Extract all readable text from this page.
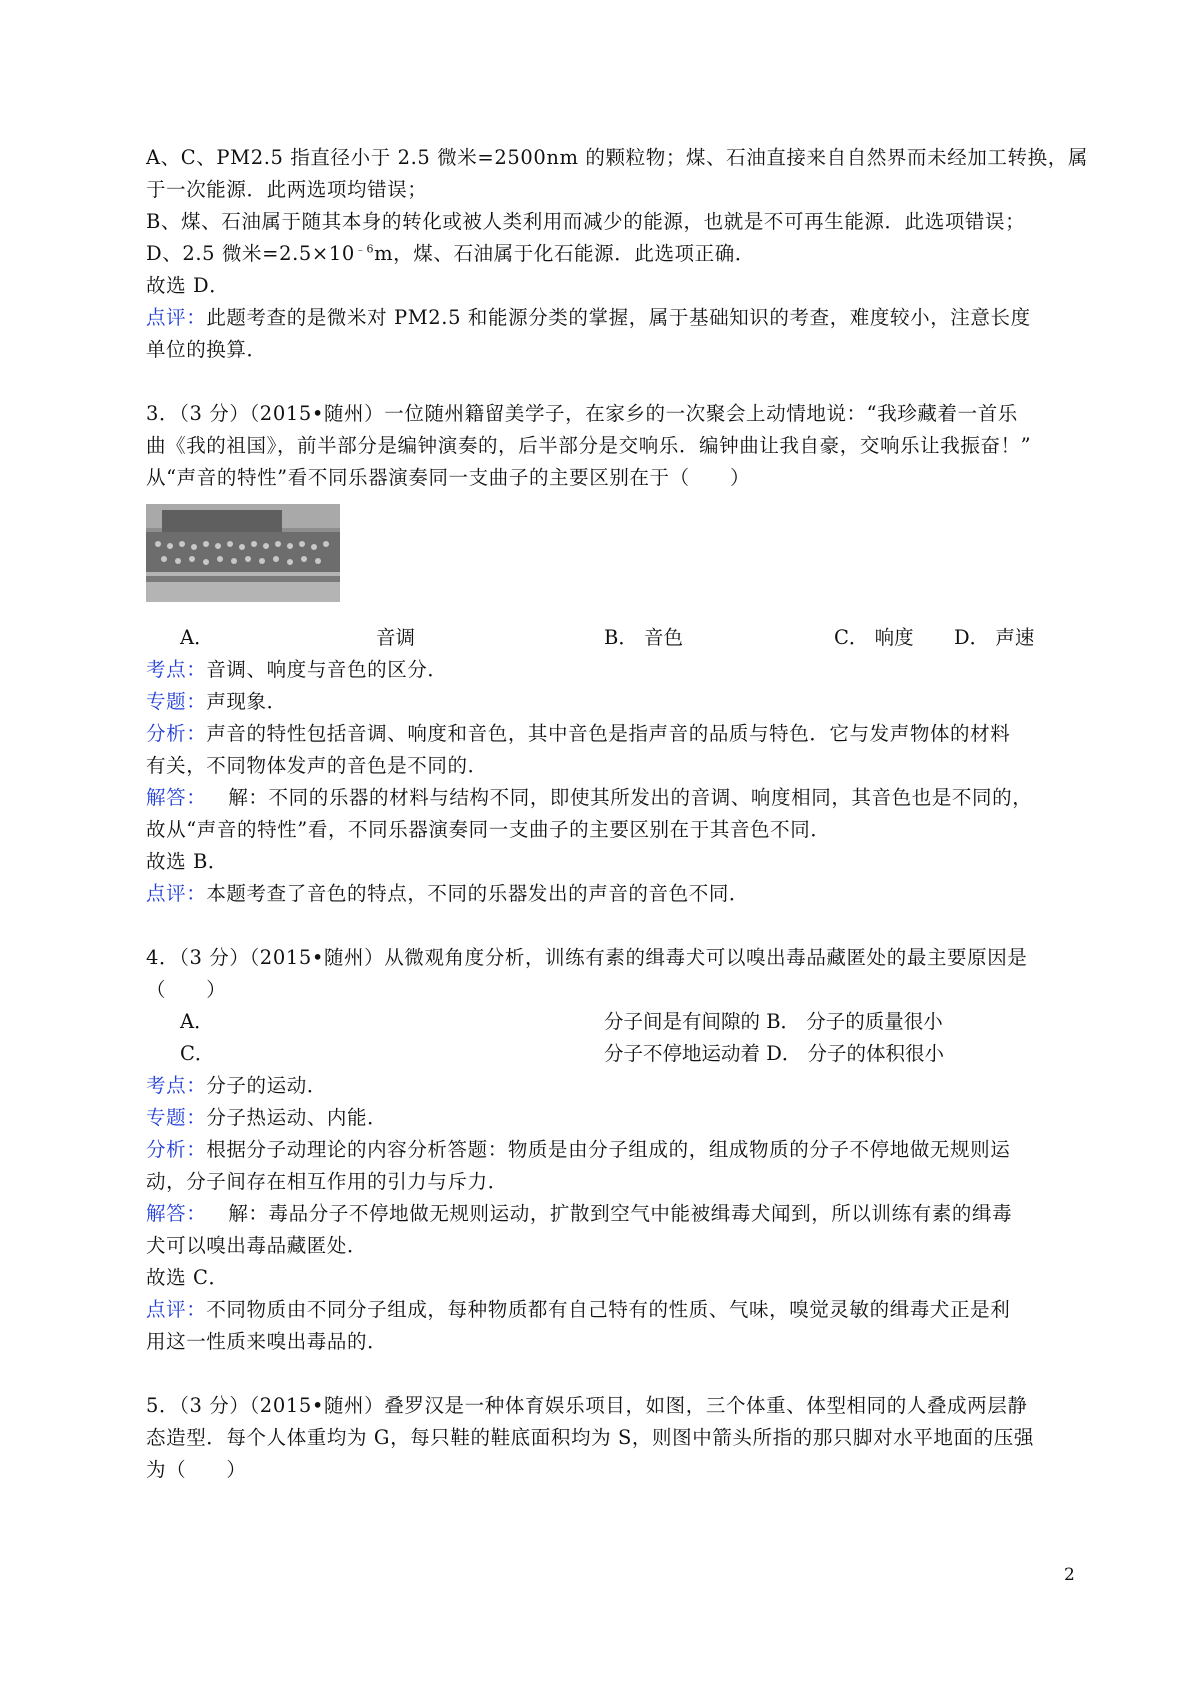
A、C、PM2.5 指直径小于 2.5 微米=2500nm 的颗粒物；煤、石油直接来自自然界而未经加工转换，属
于一次能源．此两选项均错误；
B、煤、石油属于随其本身的转化或被人类利用而减少的能源，也就是不可再生能源．此选项错误；
D、2.5 微米$=2.5\times 10^{﹣6}m$，煤、石油属于化石能源．此选项正确．
故选 D．
点评：此题考查的是微米对 PM2.5 和能源分类的掌握，属于基础知识的考查，难度较小，注意长度
单位的换算．
3．（3 分）（2015•随州）一位随州籍留美学子，在家乡的一次聚会上动情地说：“我珍藏着一首乐
曲《我的祖国》，前半部分是编钟演奏的，后半部分是交响乐．编钟曲让我自豪，交响乐让我振奋！”
从“声音的特性”看不同乐器演奏同一支曲子的主要区别在于（　　）
A．	音调	B． 音色	C． 响度 D． 声速
考点：音调、响度与音色的区分．
专题：声现象．
分析：声音的特性包括音调、响度和音色，其中音色是指声音的品质与特色．它与发声物体的材料
有关，不同物体发声的音色是不同的．
解答： 解：不同的乐器的材料与结构不同，即使其所发出的音调、响度相同，其音色也是不同的，
故从“声音的特性”看，不同乐器演奏同一支曲子的主要区别在于其音色不同．
故选 B．
点评：本题考查了音色的特点，不同的乐器发出的声音的音色不同．
4．（3 分）（2015•随州）从微观角度分析，训练有素的缉毒犬可以嗅出毒品藏匿处的最主要原因是
（　　）
A．	分子间是有间隙的 B． 分子的质量很小
C．	分子不停地运动着 D． 分子的体积很小
考点：分子的运动．
专题：分子热运动、内能．
分析：根据分子动理论的内容分析答题：物质是由分子组成的，组成物质的分子不停地做无规则运
动，分子间存在相互作用的引力与斥力．
解答： 解：毒品分子不停地做无规则运动，扩散到空气中能被缉毒犬闻到，所以训练有素的缉毒
犬可以嗅出毒品藏匿处．
故选 C．
点评：不同物质由不同分子组成，每种物质都有自己特有的性质、气味，嗅觉灵敏的缉毒犬正是利
用这一性质来嗅出毒品的．
5．（3 分）（2015•随州）叠罗汉是一种体育娱乐项目，如图，三个体重、体型相同的人叠成两层静
态造型．每个人体重均为 G，每只鞋的鞋底面积均为 S，则图中箭头所指的那只脚对水平地面的压强
为（　　）
2
